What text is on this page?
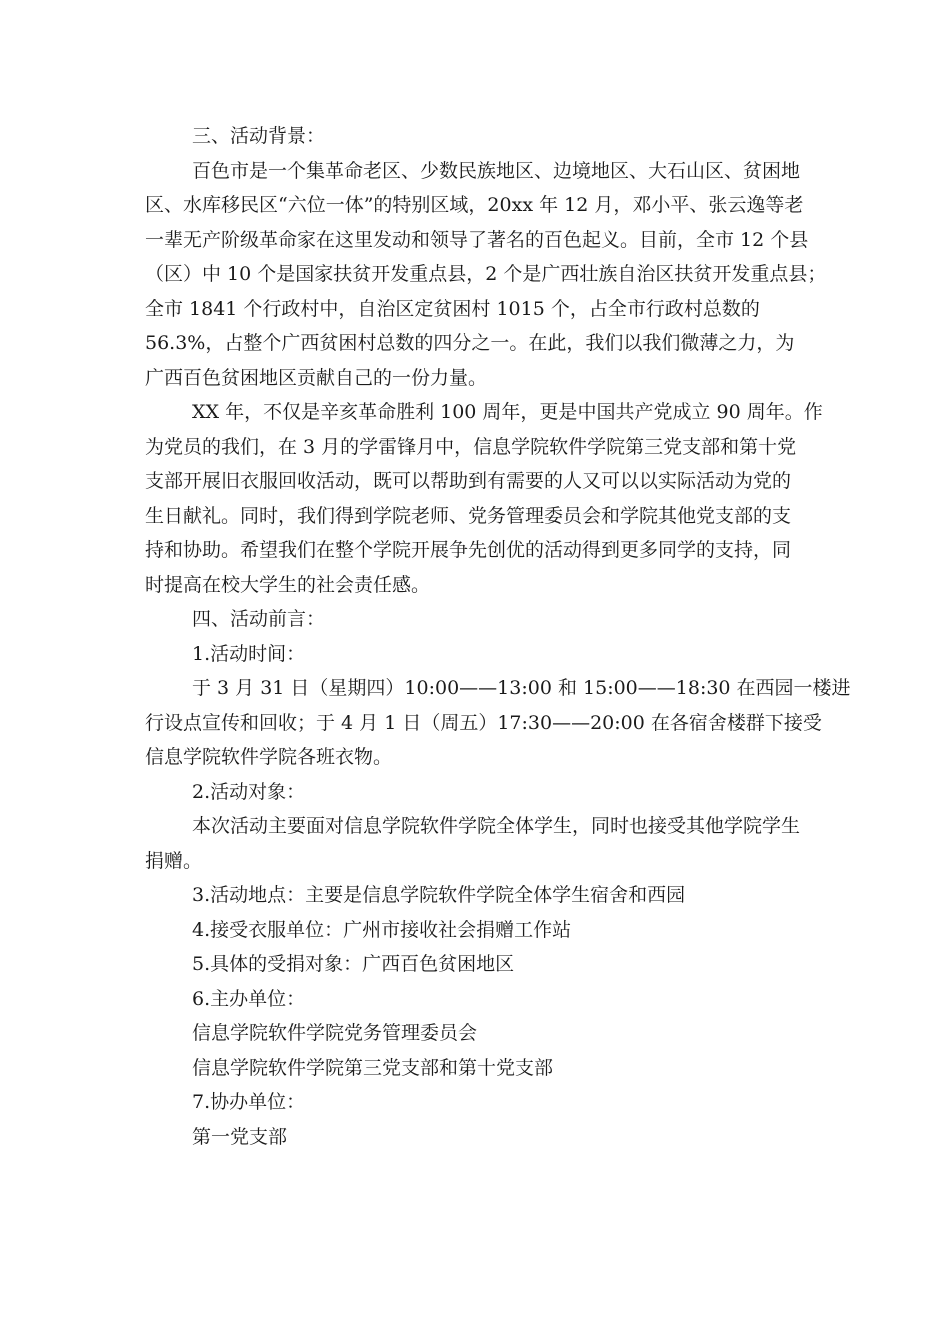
三、活动背景：

百色市是一个集革命老区、少数民族地区、边境地区、大石山区、贫困地

区、水库移民区“六位一体”的特别区域，20xx 年 12 月，邓小平、张云逸等老

一辈无产阶级革命家在这里发动和领导了著名的百色起义。目前，全市 12 个县

（区）中 10 个是国家扶贫开发重点县，2 个是广西壮族自治区扶贫开发重点县；

全市 1841 个行政村中，自治区定贫困村 1015 个，占全市行政村总数的

56.3%，占整个广西贫困村总数的四分之一。在此，我们以我们微薄之力，为

广西百色贫困地区贡献自己的一份力量。

XX 年，不仅是辛亥革命胜利 100 周年，更是中国共产党成立 90 周年。作

为党员的我们，在 3 月的学雷锋月中，信息学院软件学院第三党支部和第十党

支部开展旧衣服回收活动，既可以帮助到有需要的人又可以以实际活动为党的

生日献礼。同时，我们得到学院老师、党务管理委员会和学院其他党支部的支

持和协助。希望我们在整个学院开展争先创优的活动得到更多同学的支持，同

时提高在校大学生的社会责任感。

四、活动前言：

1.活动时间：

于 3 月 31 日（星期四）10:00——13:00 和 15:00——18:30 在西园一楼进

行设点宣传和回收；于 4 月 1 日（周五）17:30——20:00 在各宿舍楼群下接受

信息学院软件学院各班衣物。

2.活动对象：

本次活动主要面对信息学院软件学院全体学生，同时也接受其他学院学生

捐赠。

3.活动地点：主要是信息学院软件学院全体学生宿舍和西园

4.接受衣服单位：广州市接收社会捐赠工作站

5.具体的受捐对象：广西百色贫困地区

6.主办单位：

信息学院软件学院党务管理委员会

信息学院软件学院第三党支部和第十党支部

7.协办单位：

第一党支部
